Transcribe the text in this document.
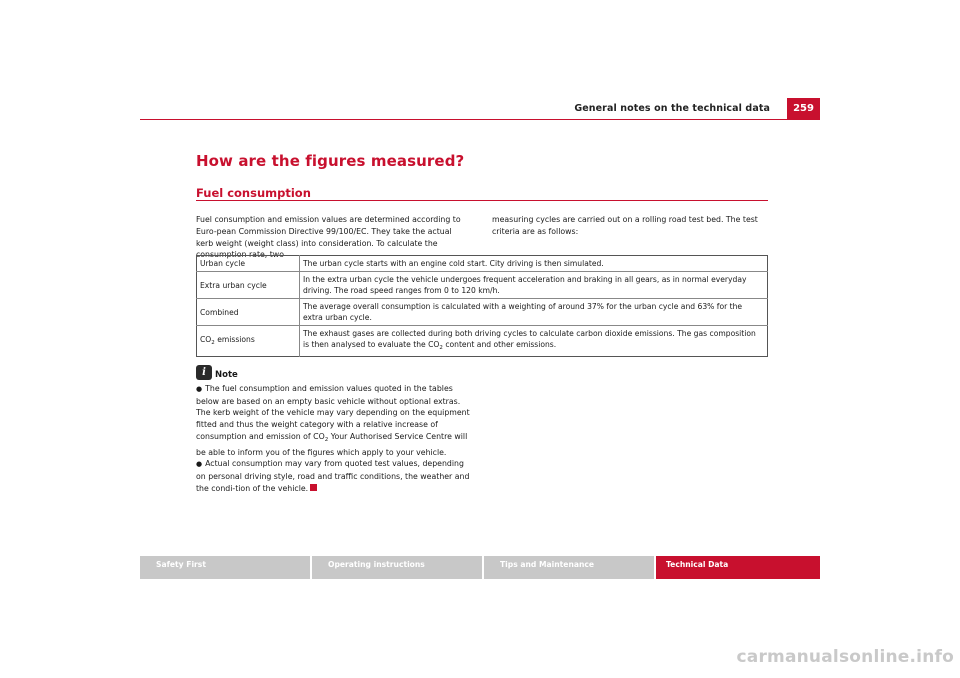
General notes on the technical data	259
How are the figures measured?
Fuel consumption

Fuel consumption and emission values are determined according to Euro-pean Commission Directive 99/100/EC. They take the actual kerb weight (weight class) into consideration. To calculate the consumption rate, two

measuring cycles are carried out on a rolling road test bed. The test criteria are as follows:

Urban cycle	The urban cycle starts with an engine cold start. City driving is then simulated.
Extra urban cycle	In the extra urban cycle the vehicle undergoes frequent acceleration and braking in all gears, as in normal everyday driving. The road speed ranges from 0 to 120 km/h.
Combined	The average overall consumption is calculated with a weighting of around 37% for the urban cycle and 63% for the extra urban cycle.
$CO_2$ emissions	The exhaust gases are collected during both driving cycles to calculate carbon dioxide emissions. The gas composition is then analysed to evaluate the $CO_2$ content and other emissions.
i	Note

● The fuel consumption and emission values quoted in the tables below are based on an empty basic vehicle without optional extras. The kerb weight of the vehicle may vary depending on the equipment fitted and thus the weight category with a relative increase of consumption and emission of $CO_2$ Your Authorised Service Centre will be able to inform you of the figures which apply to your vehicle.

● Actual consumption may vary from quoted test values, depending on personal driving style, road and traffic conditions, the weather and the condi-tion of the vehicle.

Safety First	Operating instructions	Tips and Maintenance	Technical Data
carmanualsonline.info
